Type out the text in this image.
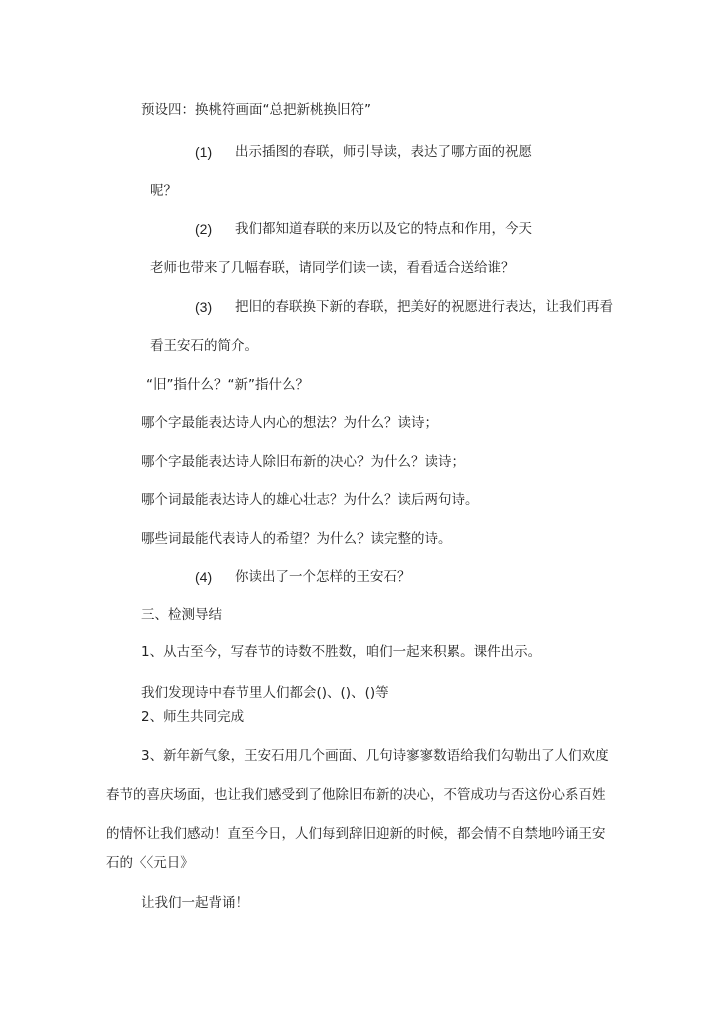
预设四：换桃符画面“总把新桃换旧符”
(1) 出示插图的春联，师引导读，表达了哪方面的祝愿
呢？
(2) 我们都知道春联的来历以及它的特点和作用，今天
老师也带来了几幅春联，请同学们读一读，看看适合送给谁？
(3) 把旧的春联换下新的春联，把美好的祝愿进行表达，让我们再看
看王安石的简介。
“旧”指什么？“新”指什么？
哪个字最能表达诗人内心的想法？为什么？读诗；
哪个字最能表达诗人除旧布新的决心？为什么？读诗；
哪个词最能表达诗人的雄心壮志？为什么？读后两句诗。
哪些词最能代表诗人的希望？为什么？读完整的诗。
(4) 你读出了一个怎样的王安石？
三、检测导结
1、从古至今，写春节的诗数不胜数，咱们一起来积累。课件出示。
我们发现诗中春节里人们都会()、()、()等
2、师生共同完成
3、新年新气象，王安石用几个画面、几句诗寥寥数语给我们勾勒出了人们欢度
春节的喜庆场面，也让我们感受到了他除旧布新的决心，不管成功与否这份心系百姓
的情怀让我们感动！直至今日，人们每到辞旧迎新的时候，都会情不自禁地吟诵王安
石的〈〈元日》
让我们一起背诵！
